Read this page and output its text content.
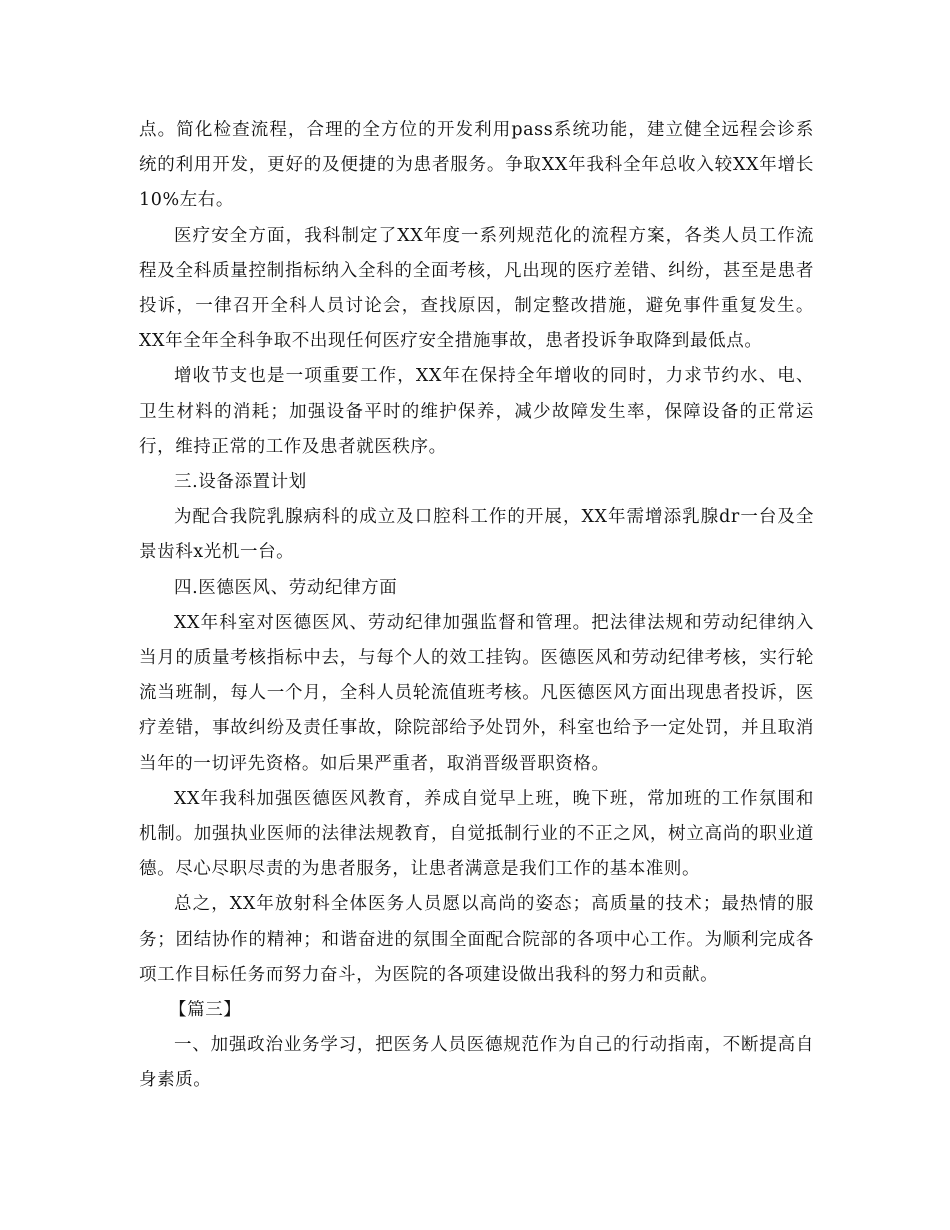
点。简化检查流程，合理的全方位的开发利用pass系统功能，建立健全远程会诊系统的利用开发，更好的及便捷的为患者服务。争取XX年我科全年总收入较XX年增长10%左右。

医疗安全方面，我科制定了XX年度一系列规范化的流程方案，各类人员工作流程及全科质量控制指标纳入全科的全面考核，凡出现的医疗差错、纠纷，甚至是患者投诉，一律召开全科人员讨论会，查找原因，制定整改措施，避免事件重复发生。XX年全年全科争取不出现任何医疗安全措施事故，患者投诉争取降到最低点。

增收节支也是一项重要工作，XX年在保持全年增收的同时，力求节约水、电、卫生材料的消耗；加强设备平时的维护保养，减少故障发生率，保障设备的正常运行，维持正常的工作及患者就医秩序。

三.设备添置计划

为配合我院乳腺病科的成立及口腔科工作的开展，XX年需增添乳腺dr一台及全景齿科x光机一台。

四.医德医风、劳动纪律方面

XX年科室对医德医风、劳动纪律加强监督和管理。把法律法规和劳动纪律纳入当月的质量考核指标中去，与每个人的效工挂钩。医德医风和劳动纪律考核，实行轮流当班制，每人一个月，全科人员轮流值班考核。凡医德医风方面出现患者投诉，医疗差错，事故纠纷及责任事故，除院部给予处罚外，科室也给予一定处罚，并且取消当年的一切评先资格。如后果严重者，取消晋级晋职资格。

XX年我科加强医德医风教育，养成自觉早上班，晚下班，常加班的工作氛围和机制。加强执业医师的法律法规教育，自觉抵制行业的不正之风，树立高尚的职业道德。尽心尽职尽责的为患者服务，让患者满意是我们工作的基本准则。

总之，XX年放射科全体医务人员愿以高尚的姿态；高质量的技术；最热情的服务；团结协作的精神；和谐奋进的氛围全面配合院部的各项中心工作。为顺利完成各项工作目标任务而努力奋斗，为医院的各项建设做出我科的努力和贡献。

【篇三】

一、加强政治业务学习，把医务人员医德规范作为自己的行动指南，不断提高自身素质。
